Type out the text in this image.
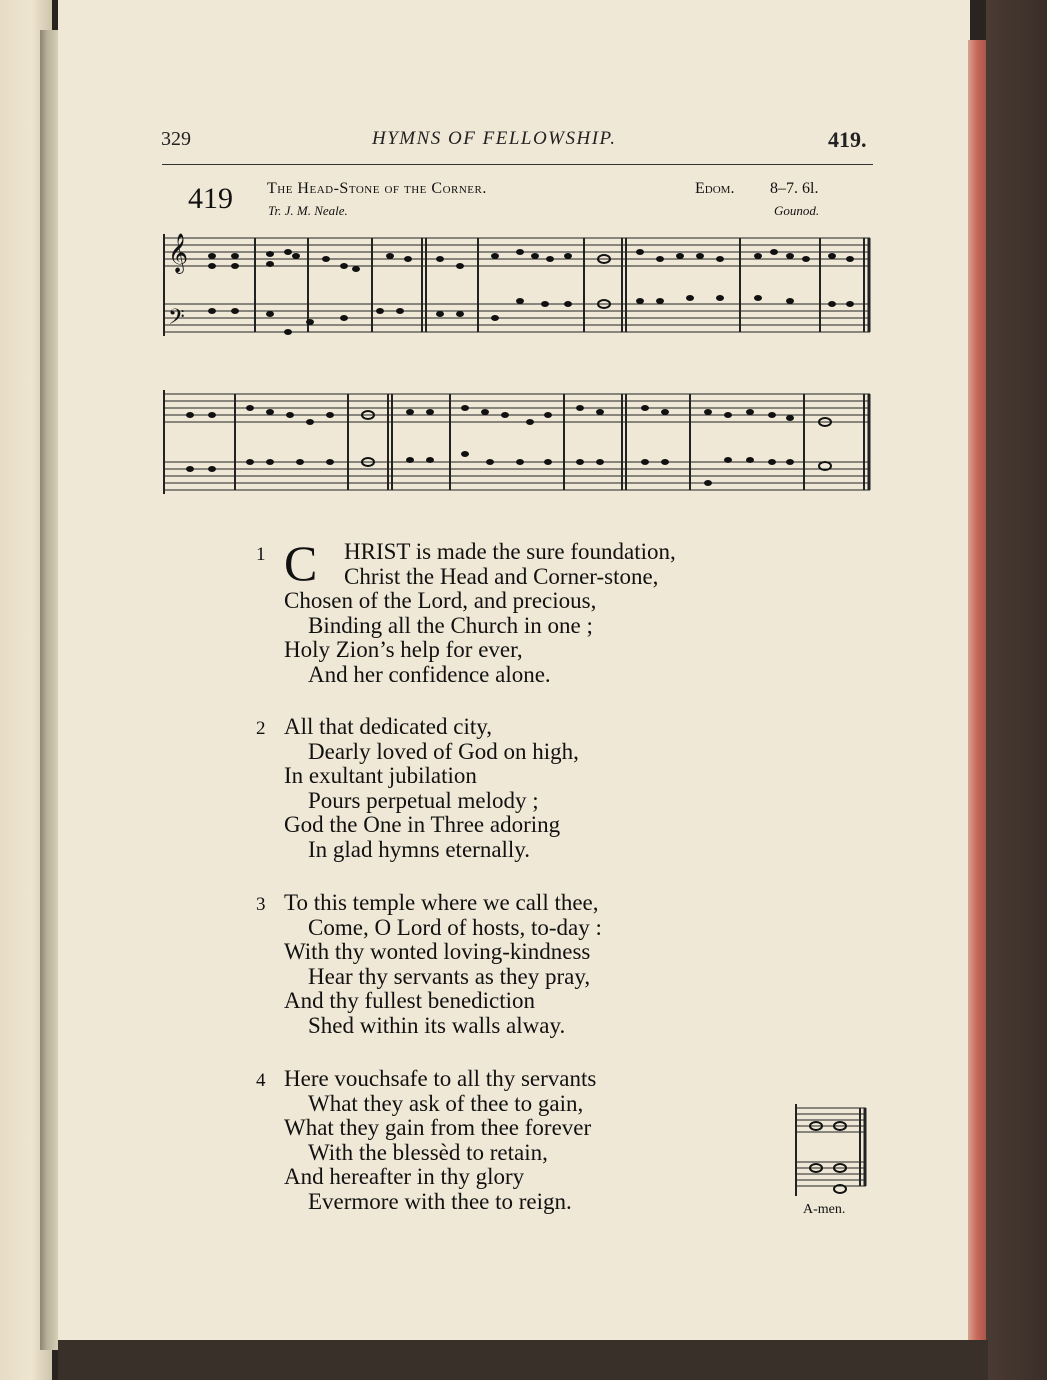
329	HYMNS OF FELLOWSHIP.	419.
419 The Head-Stone of the Corner.	Edom. 8–7. 6l.
Tr. J. M. Neale.	Gounod.
𝄞
𝄢
1 C	HRIST is made the sure foundation,
Christ the Head and Corner-stone,
Chosen of the Lord, and precious,
Binding all the Church in one ;
Holy Zion’s help for ever,
And her confidence alone.
2 All that dedicated city,
Dearly loved of God on high,
In exultant jubilation
Pours perpetual melody ;
God the One in Three adoring
In glad hymns eternally.
3 To this temple where we call thee,
Come, O Lord of hosts, to-day :
With thy wonted loving-kindness
Hear thy servants as they pray,
And thy fullest benediction
Shed within its walls alway.
4 Here vouchsafe to all thy servants
What they ask of thee to gain,
What they gain from thee forever
With the blessèd to retain,
And hereafter in thy glory
Evermore with thee to reign.	A-men.
